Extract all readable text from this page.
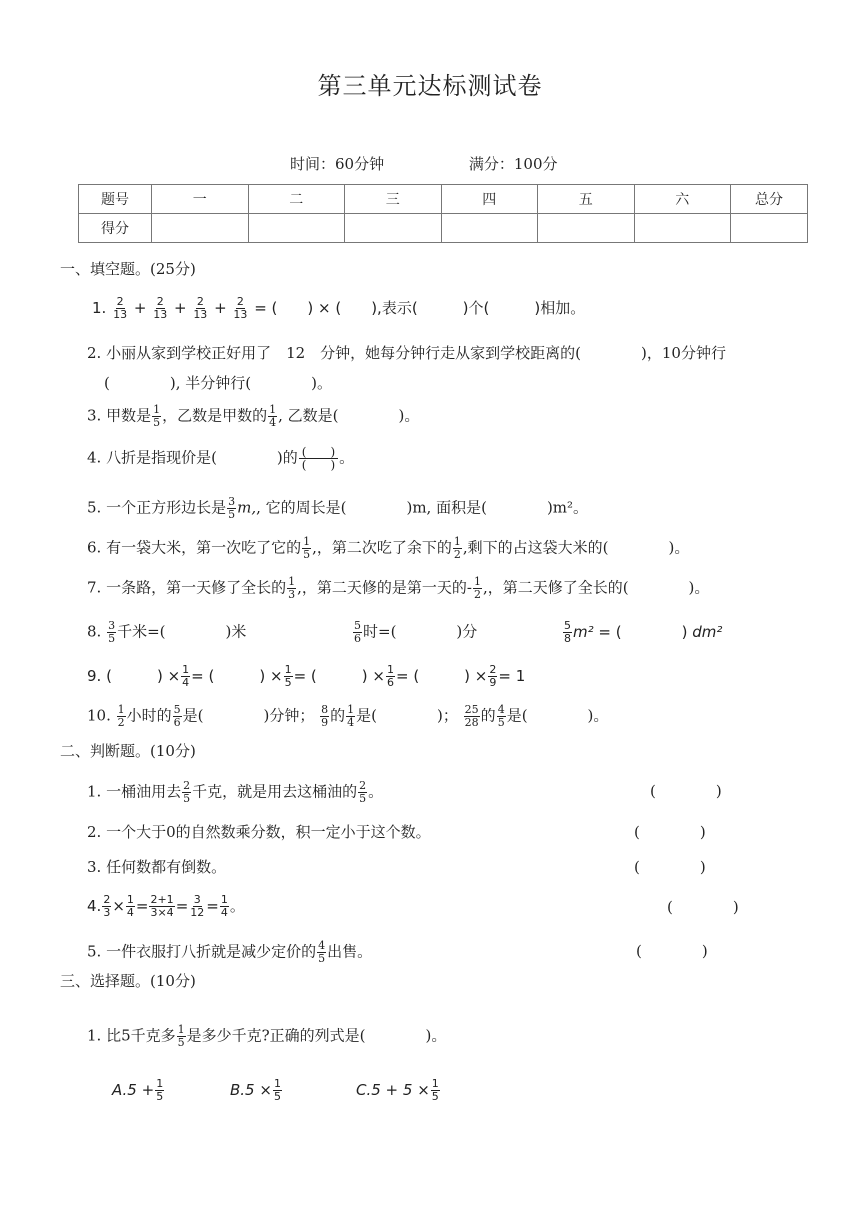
第三单元达标测试卷
时间：60分钟	满分：100分
题号	一	二	三	四	五	六	总分
得分							
一、填空题。(25分)
1. $\frac{2}{13} + \frac{2}{13} + \frac{2}{13} + \frac{2}{13}$ = (　　) × (　　),表示(　　　)个(　　　)相加。
2. 小丽从家到学校正好用了　12　分钟，她每分钟行走从家到学校距离的(　　　　)，10分钟行
(　　　　), 半分钟行(　　　　)。
3. 甲数是 $\frac{1}{5}$ ，乙数是甲数的 $\frac{1}{4}$ , 乙数是(　　　　)。
4. 八折是指现价是(　　　　)的 $\frac{( )}{( )}$ 。
5. 一个正方形边长是 $\frac{3}{5} m$,, 它的周长是(　　　　)m, 面积是(　　　　)m²。
6. 有一袋大米，第一次吃了它的 $\frac{1}{5}$ ,，第二次吃了余下的 $\frac{1}{2}$ ,剩下的占这袋大米的(　　　　)。
7. 一条路，第一天修了全长的 $\frac{1}{3}$ ,，第二天修的是第一天的- $\frac{1}{2}$ ,，第二天修了全长的(　　　　)。
8. $\frac{3}{5}$ 千米=(　　　　)米	$\frac{5}{6}$ 时=(　　　　)分	$\frac{5}{8} m^2$ = (　　　　) dm²
9. (　　　) × $\frac{1}{4}$ = (　　　) × $\frac{1}{5}$ = (　　　) × $\frac{1}{6}$ = (　　　) × $\frac{2}{9} = 1$
10. $\frac{1}{2}$ 小时的 $\frac{5}{6}$ 是(　　　　)分钟； $\frac{8}{9}$ 的 $\frac{1}{4}$ 是(　　　　)； $\frac{25}{28}$ 的 $\frac{4}{5}$ 是(　　　　)。
二、判断题。(10分)
1. 一桶油用去 $\frac{2}{5}$ 千克，就是用去这桶油的 $\frac{2}{5}$ 。	(　　　　)
2. 一个大于0的自然数乘分数，积一定小于这个数。	(　　　　)
3. 任何数都有倒数。	(　　　　)
4. $\frac{2}{3} \times \frac{1}{4} = \frac{2+1}{3\times 4} = \frac{3}{12} = \frac{1}{4}$ 。	(　　　　)
5. 一件衣服打八折就是减少定价的 $\frac{4}{5}$ 出售。	(　　　　)
三、选择题。(10分)
1. 比5千克多 $\frac{1}{5}$ 是多少千克?正确的列式是(　　　　)。
$A.5 + \frac{1}{5}$	$B.5 \times \frac{1}{5}$	$C.5 + 5 \times \frac{1}{5}$
